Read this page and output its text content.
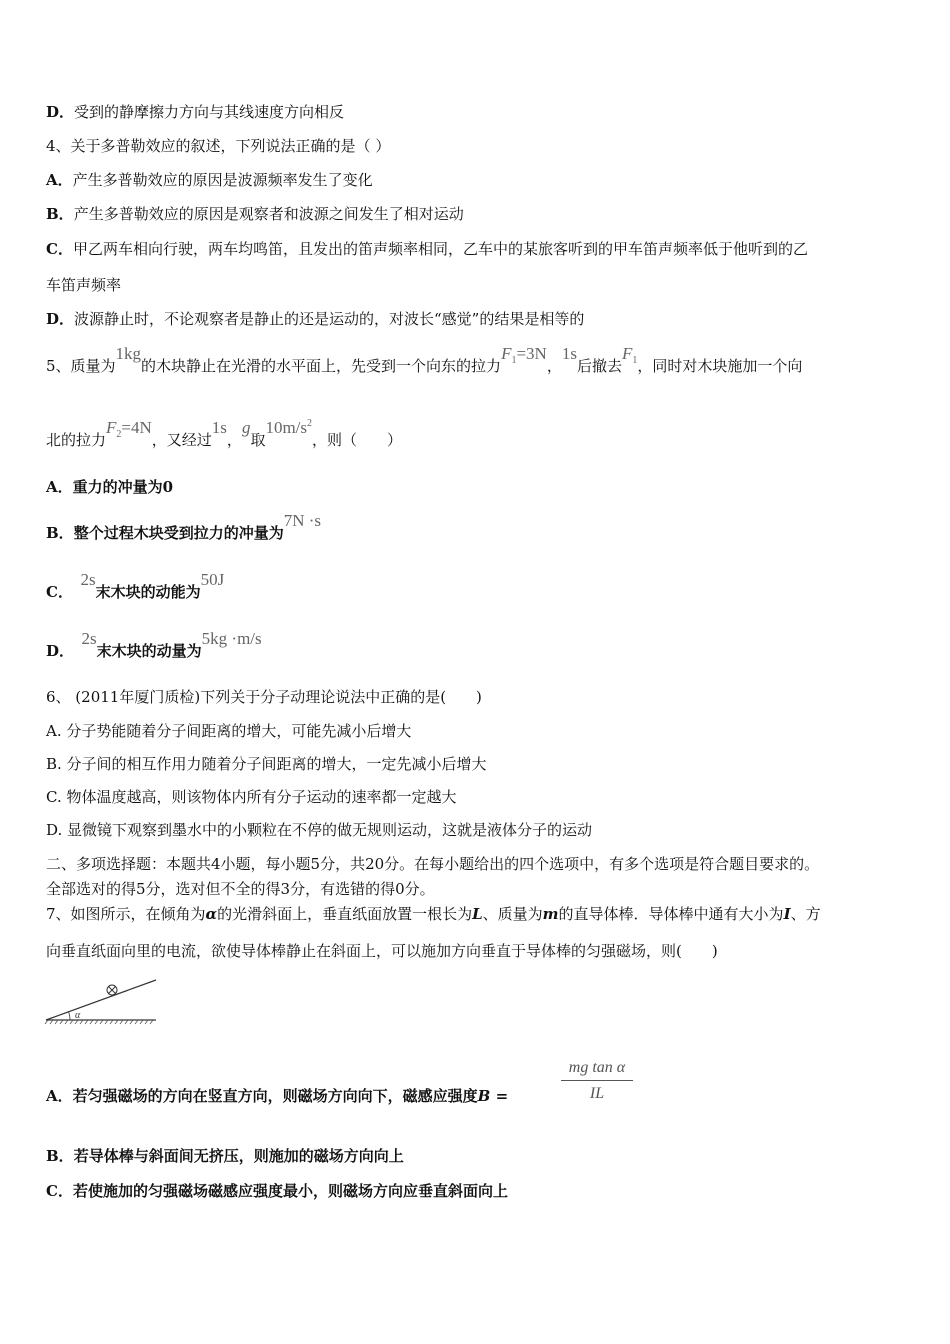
D．受到的静摩擦力方向与其线速度方向相反
4、关于多普勒效应的叙述，下列说法正确的是（ ）
A．产生多普勒效应的原因是波源频率发生了变化
B．产生多普勒效应的原因是观察者和波源之间发生了相对运动
C．甲乙两车相向行驶，两车均鸣笛，且发出的笛声频率相同，乙车中的某旅客听到的甲车笛声频率低于他听到的乙
车笛声频率
D．波源静止时，不论观察者是静止的还是运动的，对波长“感觉”的结果是相等的
5、质量为1kg的木块静止在光滑的水平面上，先受到一个向东的拉力$F_1=3N$，1s后撤去$F_1$，同时对木块施加一个向
北的拉力$F_2=4N$，又经过1s，g取$10m/s^2$，则（　　）
A．重力的冲量为0
B．整个过程木块受到拉力的冲量为7N ·s
C．　2s末木块的动能为50J
D．　2s末木块的动量为5kg ·m/s
6、 (2011年厦门质检)下列关于分子动理论说法中正确的是(　　)
A. 分子势能随着分子间距离的增大，可能先减小后增大
B. 分子间的相互作用力随着分子间距离的增大，一定先减小后增大
C. 物体温度越高，则该物体内所有分子运动的速率都一定越大
D. 显微镜下观察到墨水中的小颗粒在不停的做无规则运动，这就是液体分子的运动
二、多项选择题：本题共4小题，每小题5分，共20分。在每小题给出的四个选项中，有多个选项是符合题目要求的。
全部选对的得5分，选对但不全的得3分，有选错的得0分。
7、如图所示，在倾角为α的光滑斜面上，垂直纸面放置一根长为L、质量为m的直导体棒．导体棒中通有大小为I、方
向垂直纸面向里的电流，欲使导体棒静止在斜面上，可以施加方向垂直于导体棒的匀强磁场，则(　　)
α
A．若匀强磁场的方向在竖直方向，则磁场方向向下，磁感应强度B =	$\frac{\text{mg tan α}}{IL}$
B．若导体棒与斜面间无挤压，则施加的磁场方向向上
C．若使施加的匀强磁场磁感应强度最小，则磁场方向应垂直斜面向上
